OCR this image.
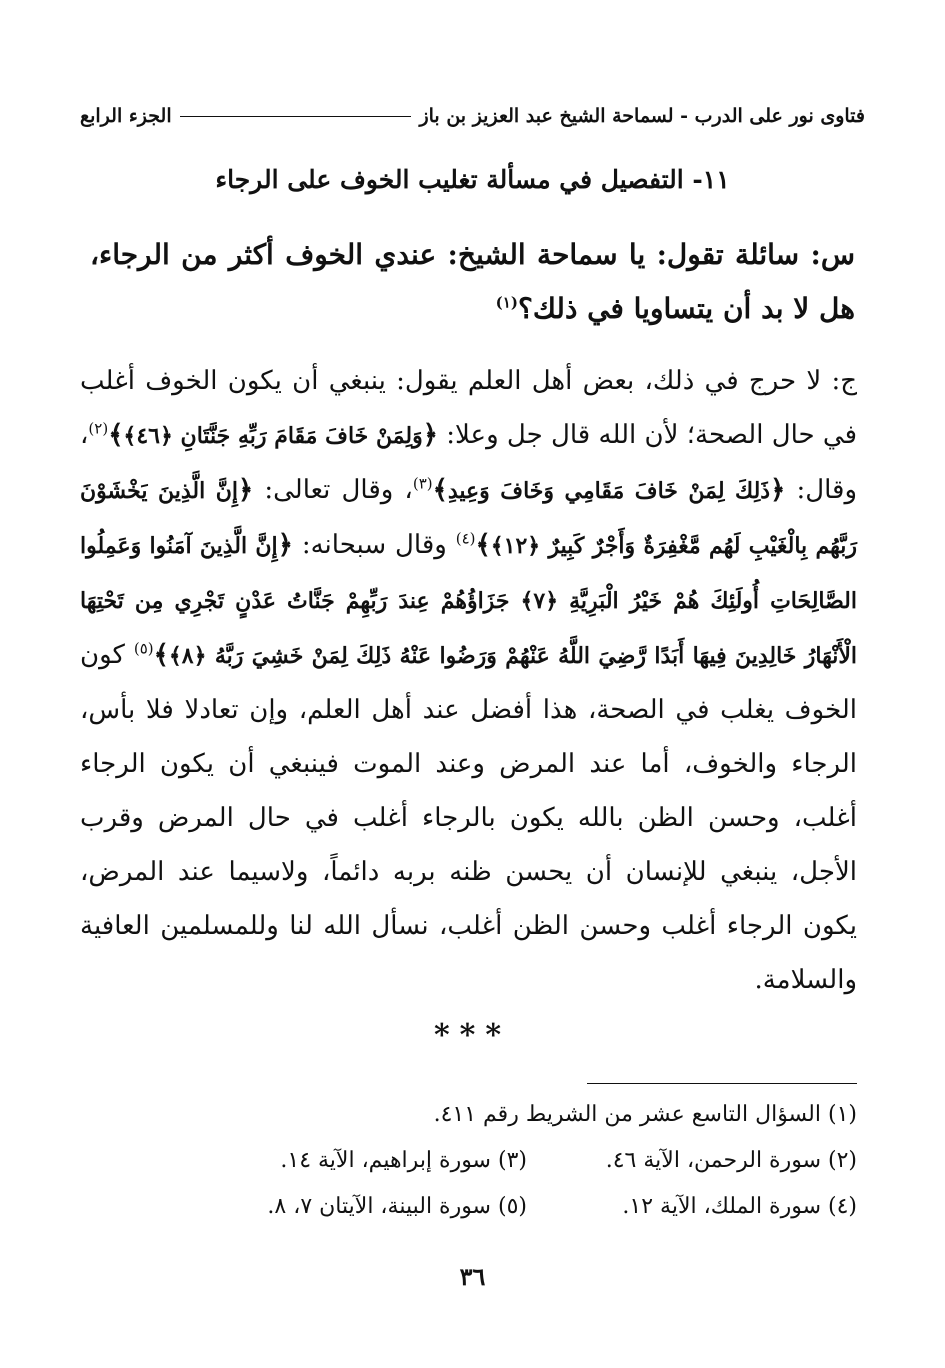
فتاوى نور على الدرب - لسماحة الشيخ عبد العزيز بن باز
الجزء الرابع
١١- التفصيل في مسألة تغليب الخوف على الرجاء
س: سائلة تقول: يا سماحة الشيخ: عندي الخوف أكثر من الرجاء، هل لا بد أن يتساويا في ذلك؟$^{(١)}$
ج: لا حرج في ذلك، بعض أهل العلم يقول: ينبغي أن يكون الخوف أغلب في حال الصحة؛ لأن الله قال جل وعلا: ﴿وَلِمَنْ خَافَ مَقَامَ رَبِّهِ جَنَّتَانِ ﴿٤٦﴾﴾$^{(٢)}$، وقال: ﴿ذَلِكَ لِمَنْ خَافَ مَقَامِي وَخَافَ وَعِيدِ﴾$^{(٣)}$، وقال تعالى: ﴿إِنَّ الَّذِينَ يَخْشَوْنَ رَبَّهُم بِالْغَيْبِ لَهُم مَّغْفِرَةٌ وَأَجْرٌ كَبِيرٌ ﴿١٢﴾﴾$^{(٤)}$ وقال سبحانه: ﴿إِنَّ الَّذِينَ آمَنُوا وَعَمِلُوا الصَّالِحَاتِ أُولَئِكَ هُمْ خَيْرُ الْبَرِيَّةِ ﴿٧﴾ جَزَاؤُهُمْ عِندَ رَبِّهِمْ جَنَّاتُ عَدْنٍ تَجْرِي مِن تَحْتِهَا الْأَنْهَارُ خَالِدِينَ فِيهَا أَبَدًا رَّضِيَ اللَّهُ عَنْهُمْ وَرَضُوا عَنْهُ ذَلِكَ لِمَنْ خَشِيَ رَبَّهُ ﴿٨﴾﴾$^{(٥)}$ كون الخوف يغلب في الصحة، هذا أفضل عند أهل العلم، وإن تعادلا فلا بأس، الرجاء والخوف، أما عند المرض وعند الموت فينبغي أن يكون الرجاء أغلب، وحسن الظن بالله يكون بالرجاء أغلب في حال المرض وقرب الأجل، ينبغي للإنسان أن يحسن ظنه بربه دائماً، ولاسيما عند المرض، يكون الرجاء أغلب وحسن الظن أغلب، نسأل الله لنا وللمسلمين العافية والسلامة.
***
(١) السؤال التاسع عشر من الشريط رقم ٤١١.
(٢) سورة الرحمن، الآية ٤٦.
(٣) سورة إبراهيم، الآية ١٤.
(٤) سورة الملك، الآية ١٢.
(٥) سورة البينة، الآيتان ٧، ٨.
٣٦
